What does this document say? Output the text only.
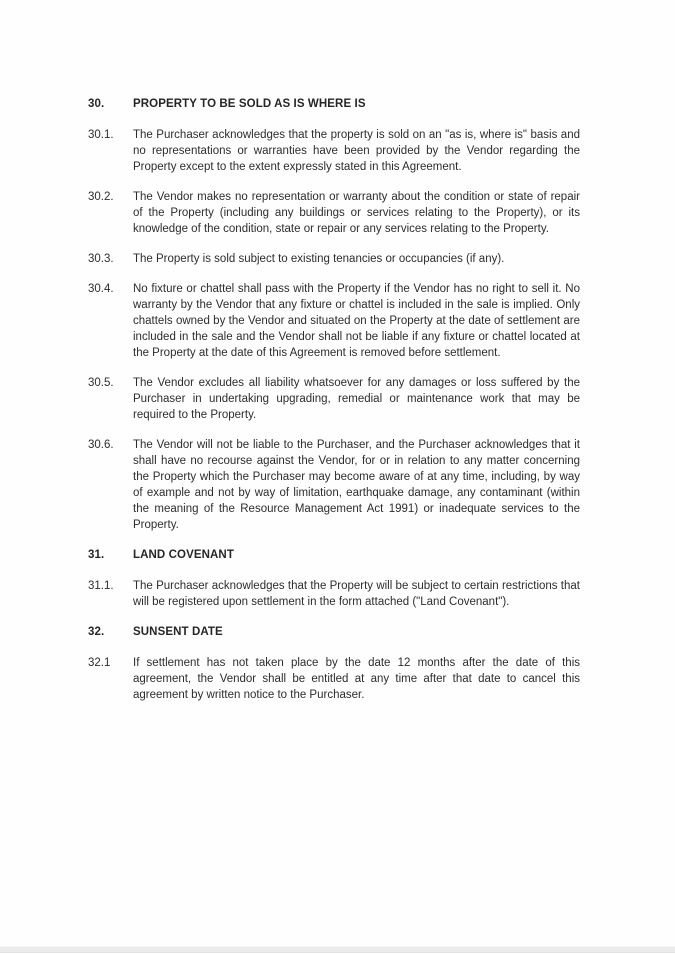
30.	PROPERTY TO BE SOLD AS IS WHERE IS
30.1.	The Purchaser acknowledges that the property is sold on an "as is, where is" basis and no representations or warranties have been provided by the Vendor regarding the Property except to the extent expressly stated in this Agreement.
30.2.	The Vendor makes no representation or warranty about the condition or state of repair of the Property (including any buildings or services relating to the Property), or its knowledge of the condition, state or repair or any services relating to the Property.
30.3.	The Property is sold subject to existing tenancies or occupancies (if any).
30.4.	No fixture or chattel shall pass with the Property if the Vendor has no right to sell it. No warranty by the Vendor that any fixture or chattel is included in the sale is implied. Only chattels owned by the Vendor and situated on the Property at the date of settlement are included in the sale and the Vendor shall not be liable if any fixture or chattel located at the Property at the date of this Agreement is removed before settlement.
30.5.	The Vendor excludes all liability whatsoever for any damages or loss suffered by the Purchaser in undertaking upgrading, remedial or maintenance work that may be required to the Property.
30.6.	The Vendor will not be liable to the Purchaser, and the Purchaser acknowledges that it shall have no recourse against the Vendor, for or in relation to any matter concerning the Property which the Purchaser may become aware of at any time, including, by way of example and not by way of limitation, earthquake damage, any contaminant (within the meaning of the Resource Management Act 1991) or inadequate services to the Property.
31.	LAND COVENANT
31.1.	The Purchaser acknowledges that the Property will be subject to certain restrictions that will be registered upon settlement in the form attached ("Land Covenant").
32.	SUNSENT DATE
32.1	If settlement has not taken place by the date 12 months after the date of this agreement, the Vendor shall be entitled at any time after that date to cancel this agreement by written notice to the Purchaser.
